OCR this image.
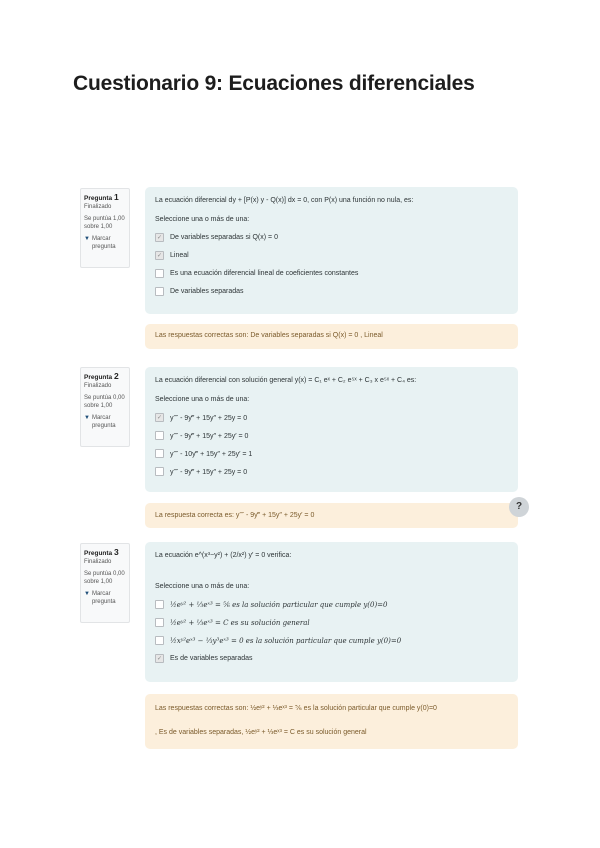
Cuestionario 9: Ecuaciones diferenciales
Pregunta 1
Finalizado
Se puntúa 1,00 sobre 1,00
▼ Marcar pregunta
La ecuación diferencial dy + [P(x) y - Q(x)] dx = 0, con P(x) una función no nula, es:
Seleccione una o más de una:
✓ De variables separadas si Q(x) = 0
✓ Lineal
Es una ecuación diferencial lineal de coeficientes constantes
De variables separadas
Las respuestas correctas son: De variables separadas si Q(x) = 0 , Lineal
Pregunta 2
Finalizado
Se puntúa 0,00 sobre 1,00
▼ Marcar pregunta
La ecuación diferencial con solución general y(x) = C₁ eˣ + C₂ e⁵ˣ + C₃ x e⁵ˣ + C₄ es:
Seleccione una o más de una:
✓ y⁗ - 9y‴ + 15y″ + 25y = 0
y⁗ - 9y‴ + 15y″ + 25y′ = 0
y⁗ - 10y‴ + 15y″ + 25y′ = 1
y⁗ - 9y‴ + 15y″ + 25y = 0
La respuesta correcta es: y⁗ - 9y‴ + 15y″ + 25y′ = 0
?
Pregunta 3
Finalizado
Se puntúa 0,00 sobre 1,00
▼ Marcar pregunta
La ecuación e^(x³−y²) + (2/x²) y′ = 0 verifica:
Seleccione una o más de una:
½eʸ² + ⅓eˣ³ = ⅚ es la solución particular que cumple y(0)=0
½eʸ² + ⅓eˣ³ = C es su solución general
½xʸ²eˣ³ − ⅓y³eˣ³ = 0 es la solución particular que cumple y(0)=0
✓ Es de variables separadas
Las respuestas correctas son: ½eʸ² + ⅓eˣ³ = ⅚ es la solución particular que cumple y(0)=0
, Es de variables separadas, ½eʸ² + ⅓eˣ³ = C es su solución general
